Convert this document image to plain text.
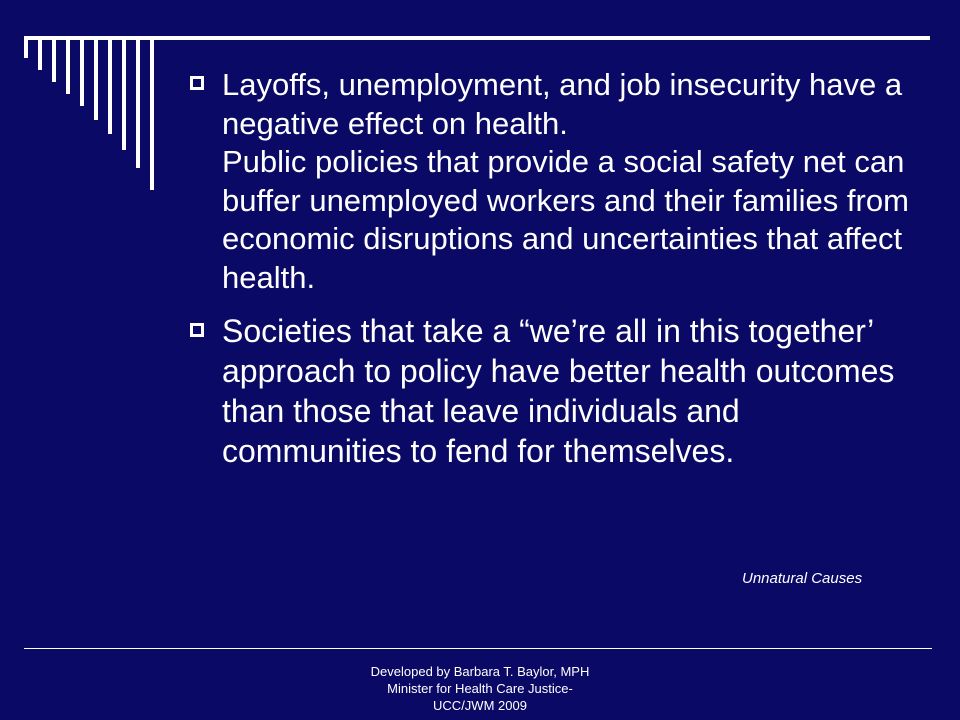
Layoffs, unemployment, and job insecurity have a negative effect on health.
Public policies that provide a social safety net can buffer unemployed workers and their families from economic disruptions and uncertainties that affect health.
Societies that take a “we’re all in this together’ approach to policy have better health outcomes than those that leave individuals and communities to fend for themselves.
Unnatural Causes
Developed by Barbara T. Baylor, MPH
Minister for Health Care Justice-
UCC/JWM 2009
